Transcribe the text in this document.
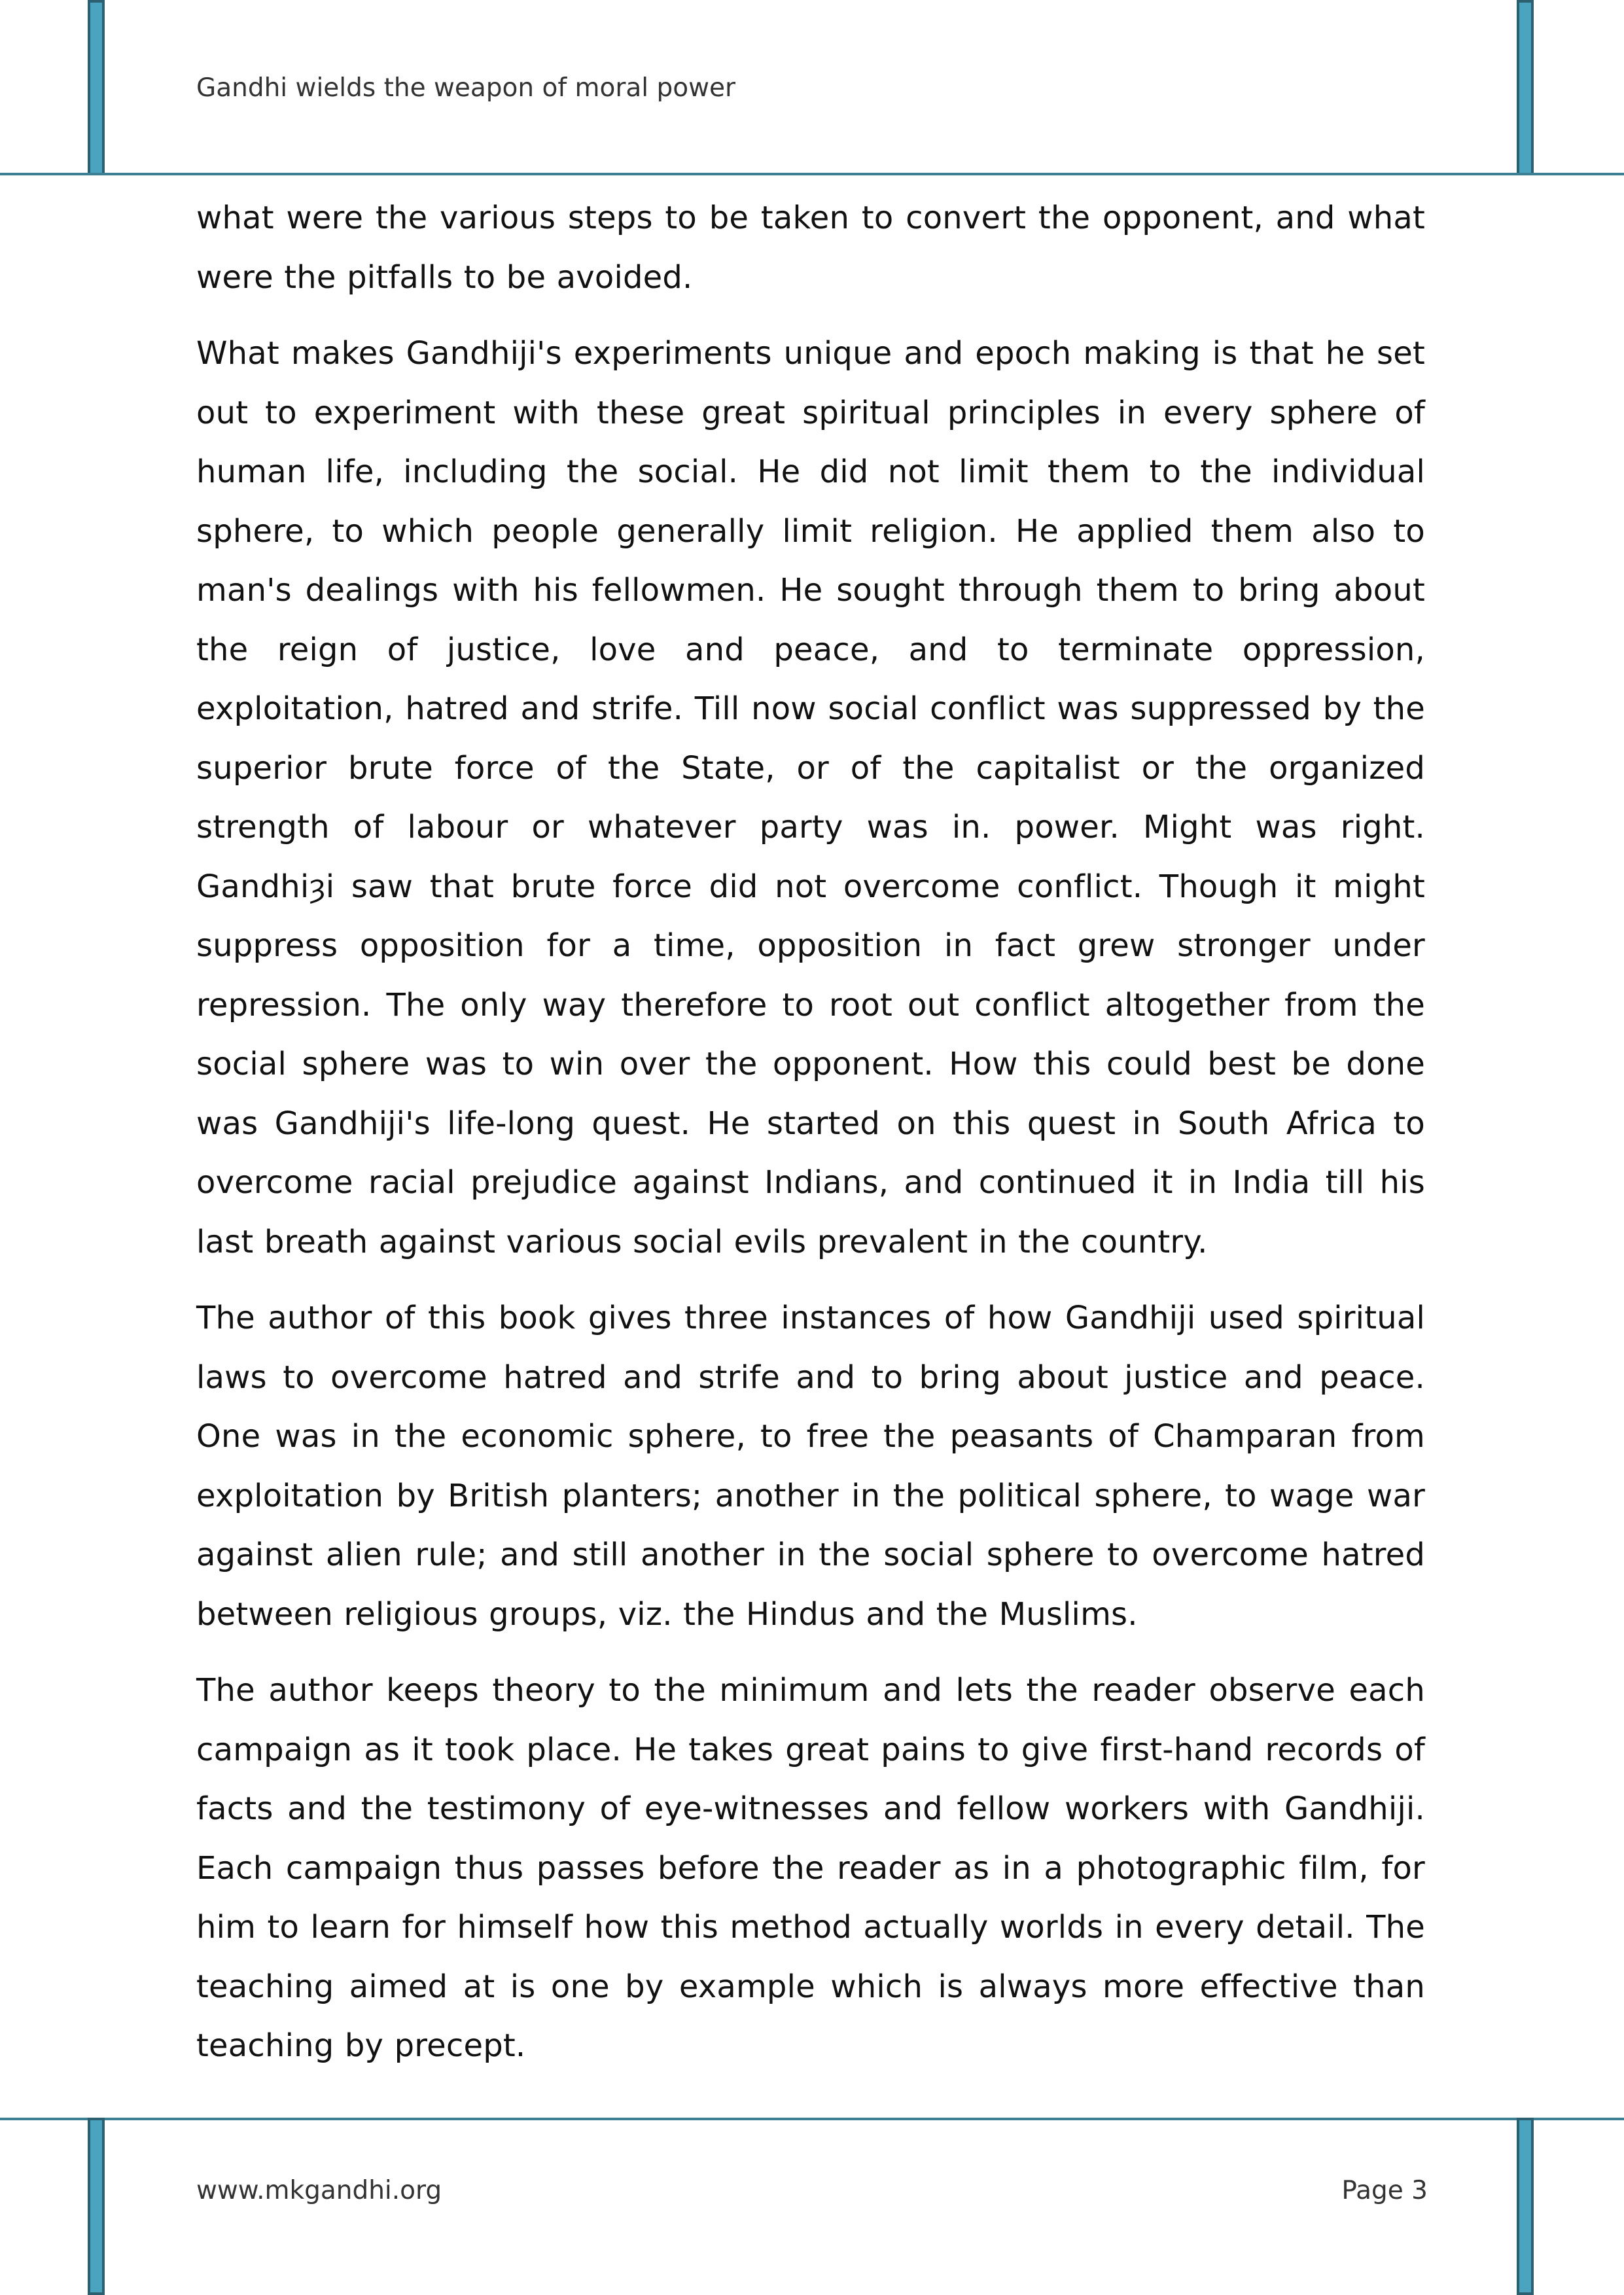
Gandhi wields the weapon of moral power

what were the various steps to be taken to convert the opponent, and what were the pitfalls to be avoided.

What makes Gandhiji's experiments unique and epoch making is that he set out to experiment with these great spiritual principles in every sphere of human life, including the social. He did not limit them to the individual sphere, to which people generally limit religion. He applied them also to man's dealings with his fellowmen. He sought through them to bring about the reign of justice, love and peace, and to terminate oppression, exploitation, hatred and strife. Till now social conflict was suppressed by the superior brute force of the State, or of the capitalist or the organized strength of labour or whatever party was in. power. Might was right. Gandhiȝi saw that brute force did not overcome conflict. Though it might suppress opposition for a time, opposition in fact grew stronger under repression. The only way therefore to root out conflict altogether from the social sphere was to win over the opponent. How this could best be done was Gandhiji's life-long quest. He started on this quest in South Africa to overcome racial prejudice against Indians, and continued it in India till his last breath against various social evils prevalent in the country.

The author of this book gives three instances of how Gandhiji used spiritual laws to overcome hatred and strife and to bring about justice and peace. One was in the economic sphere, to free the peasants of Champaran from exploitation by British planters; another in the political sphere, to wage war against alien rule; and still another in the social sphere to overcome hatred between religious groups, viz. the Hindus and the Muslims.

The author keeps theory to the minimum and lets the reader observe each campaign as it took place. He takes great pains to give first-hand records of facts and the testimony of eye-witnesses and fellow workers with Gandhiji. Each campaign thus passes before the reader as in a photographic film, for him to learn for himself how this method actually worlds in every detail. The teaching aimed at is one by example which is always more effective than teaching by precept.

www.mkgandhi.org	Page 3
